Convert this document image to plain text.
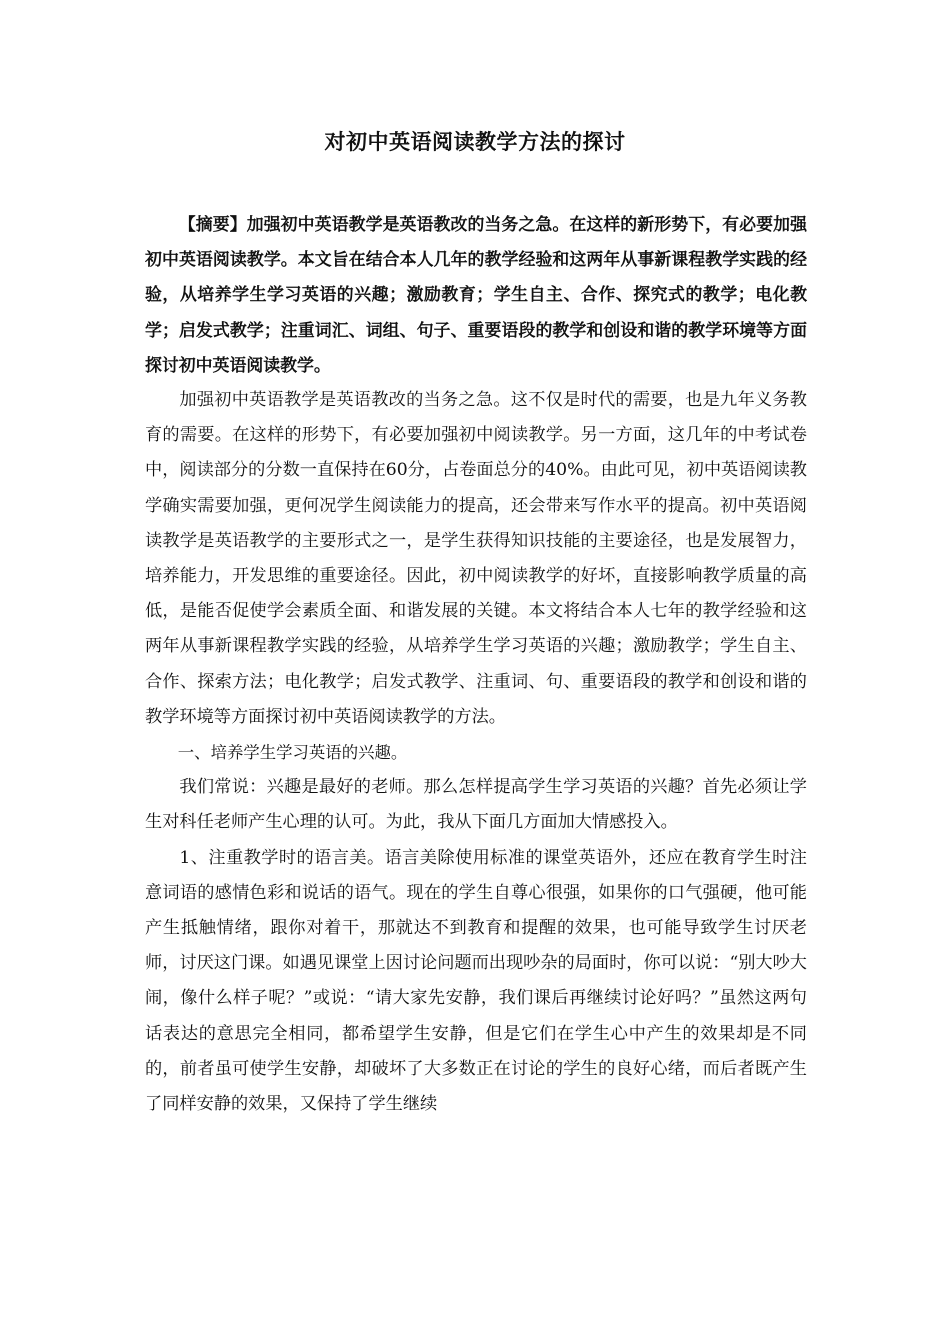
对初中英语阅读教学方法的探讨

【摘要】加强初中英语教学是英语教改的当务之急。在这样的新形势下，有必要加强初中英语阅读教学。本文旨在结合本人几年的教学经验和这两年从事新课程教学实践的经验，从培养学生学习英语的兴趣；激励教育；学生自主、合作、探究式的教学；电化教学；启发式教学；注重词汇、词组、句子、重要语段的教学和创设和谐的教学环境等方面探讨初中英语阅读教学。

加强初中英语教学是英语教改的当务之急。这不仅是时代的需要，也是九年义务教育的需要。在这样的形势下，有必要加强初中阅读教学。另一方面，这几年的中考试卷中，阅读部分的分数一直保持在60分，占卷面总分的40%。由此可见，初中英语阅读教学确实需要加强，更何况学生阅读能力的提高，还会带来写作水平的提高。初中英语阅读教学是英语教学的主要形式之一，是学生获得知识技能的主要途径，也是发展智力，培养能力，开发思维的重要途径。因此，初中阅读教学的好坏，直接影响教学质量的高低，是能否促使学会素质全面、和谐发展的关键。本文将结合本人七年的教学经验和这两年从事新课程教学实践的经验，从培养学生学习英语的兴趣；激励教学；学生自主、合作、探索方法；电化教学；启发式教学、注重词、句、重要语段的教学和创设和谐的教学环境等方面探讨初中英语阅读教学的方法。

一、培养学生学习英语的兴趣。

我们常说：兴趣是最好的老师。那么怎样提高学生学习英语的兴趣？首先必须让学生对科任老师产生心理的认可。为此，我从下面几方面加大情感投入。

1、注重教学时的语言美。语言美除使用标准的课堂英语外，还应在教育学生时注意词语的感情色彩和说话的语气。现在的学生自尊心很强，如果你的口气强硬，他可能产生抵触情绪，跟你对着干，那就达不到教育和提醒的效果，也可能导致学生讨厌老师，讨厌这门课。如遇见课堂上因讨论问题而出现吵杂的局面时，你可以说：“别大吵大闹，像什么样子呢？”或说：“请大家先安静，我们课后再继续讨论好吗？”虽然这两句话表达的意思完全相同，都希望学生安静，但是它们在学生心中产生的效果却是不同的，前者虽可使学生安静，却破坏了大多数正在讨论的学生的良好心绪，而后者既产生了同样安静的效果，又保持了学生继续
